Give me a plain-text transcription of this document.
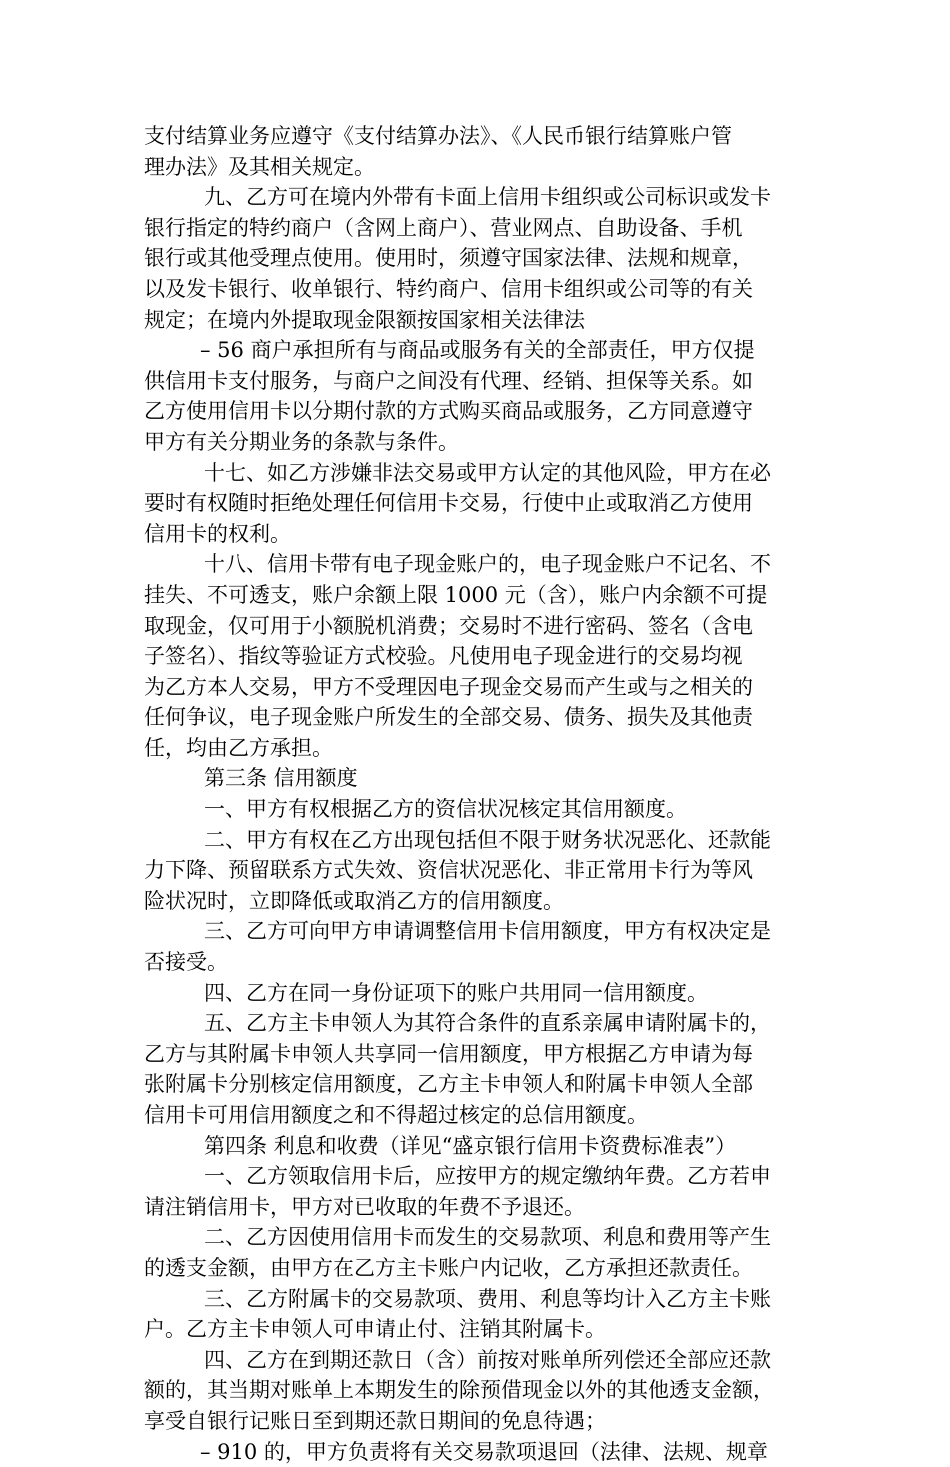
支付结算业务应遵守《支付结算办法》、《人民币银行结算账户管
理办法》及其相关规定。
九、乙方可在境内外带有卡面上信用卡组织或公司标识或发卡
银行指定的特约商户（含网上商户）、营业网点、自助设备、手机
银行或其他受理点使用。使用时，须遵守国家法律、法规和规章，
以及发卡银行、收单银行、特约商户、信用卡组织或公司等的有关
规定；在境内外提取现金限额按国家相关法律法
– 56 商户承担所有与商品或服务有关的全部责任，甲方仅提
供信用卡支付服务，与商户之间没有代理、经销、担保等关系。如
乙方使用信用卡以分期付款的方式购买商品或服务，乙方同意遵守
甲方有关分期业务的条款与条件。
十七、如乙方涉嫌非法交易或甲方认定的其他风险，甲方在必
要时有权随时拒绝处理任何信用卡交易，行使中止或取消乙方使用
信用卡的权利。
十八、信用卡带有电子现金账户的，电子现金账户不记名、不
挂失、不可透支，账户余额上限 1000 元（含），账户内余额不可提
取现金，仅可用于小额脱机消费；交易时不进行密码、签名（含电
子签名）、指纹等验证方式校验。凡使用电子现金进行的交易均视
为乙方本人交易，甲方不受理因电子现金交易而产生或与之相关的
任何争议，电子现金账户所发生的全部交易、债务、损失及其他责
任，均由乙方承担。
第三条 信用额度
一、甲方有权根据乙方的资信状况核定其信用额度。
二、甲方有权在乙方出现包括但不限于财务状况恶化、还款能
力下降、预留联系方式失效、资信状况恶化、非正常用卡行为等风
险状况时，立即降低或取消乙方的信用额度。
三、乙方可向甲方申请调整信用卡信用额度，甲方有权决定是
否接受。
四、乙方在同一身份证项下的账户共用同一信用额度。
五、乙方主卡申领人为其符合条件的直系亲属申请附属卡的，
乙方与其附属卡申领人共享同一信用额度，甲方根据乙方申请为每
张附属卡分别核定信用额度，乙方主卡申领人和附属卡申领人全部
信用卡可用信用额度之和不得超过核定的总信用额度。
第四条 利息和收费（详见“盛京银行信用卡资费标准表”）
一、乙方领取信用卡后，应按甲方的规定缴纳年费。乙方若申
请注销信用卡，甲方对已收取的年费不予退还。
二、乙方因使用信用卡而发生的交易款项、利息和费用等产生
的透支金额，由甲方在乙方主卡账户内记收，乙方承担还款责任。
三、乙方附属卡的交易款项、费用、利息等均计入乙方主卡账
户。乙方主卡申领人可申请止付、注销其附属卡。
四、乙方在到期还款日（含）前按对账单所列偿还全部应还款
额的，其当期对账单上本期发生的除预借现金以外的其他透支金额，
享受自银行记账日至到期还款日期间的免息待遇；
– 910 的，甲方负责将有关交易款项退回（法律、法规、规章
